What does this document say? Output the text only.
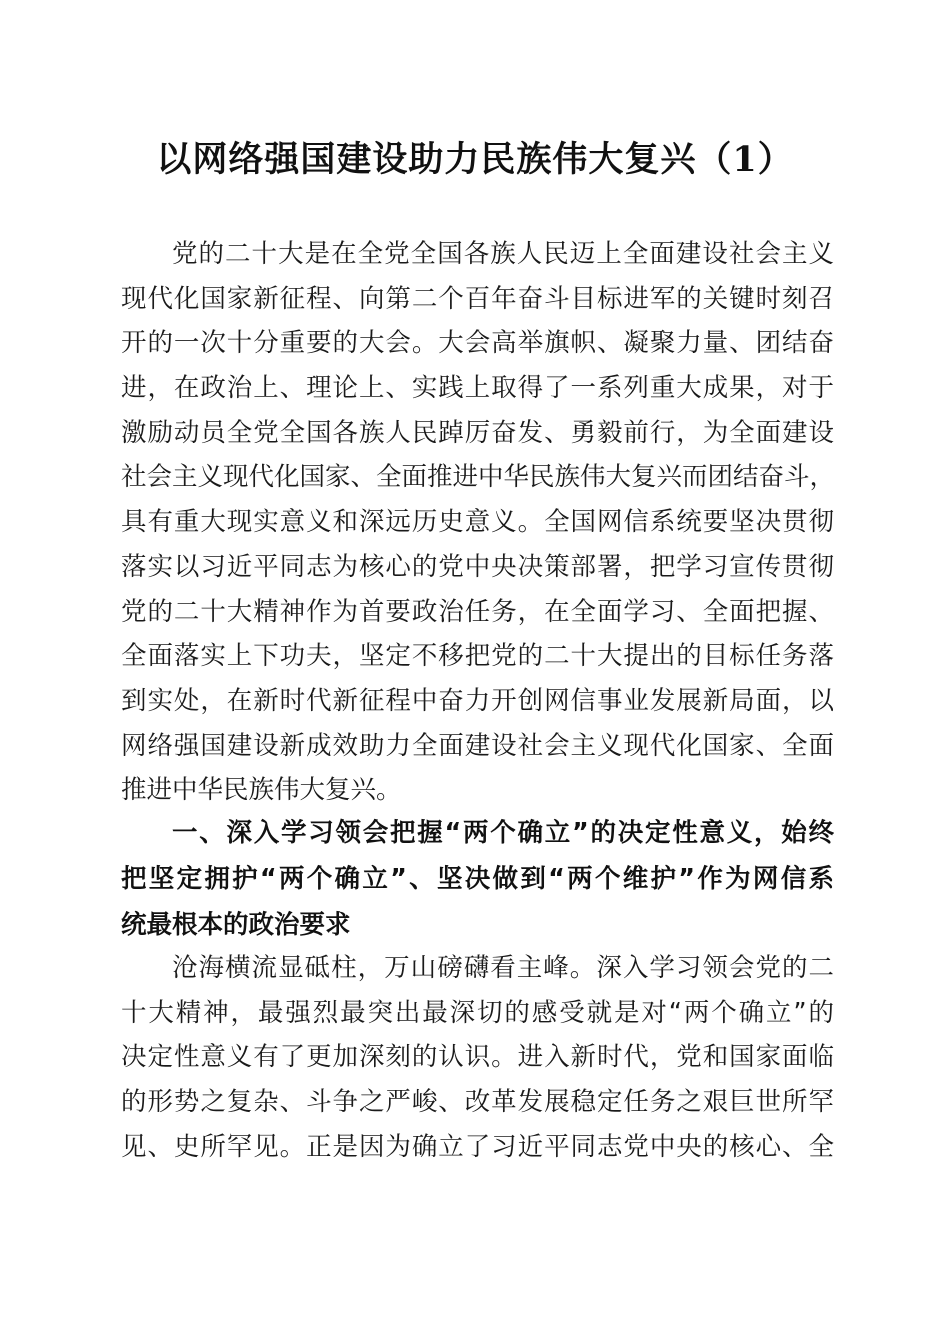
以网络强国建设助力民族伟大复兴（1）
党的二十大是在全党全国各族人民迈上全面建设社会主义
现代化国家新征程、向第二个百年奋斗目标进军的关键时刻召
开的一次十分重要的大会。大会高举旗帜、凝聚力量、团结奋
进，在政治上、理论上、实践上取得了一系列重大成果，对于
激励动员全党全国各族人民踔厉奋发、勇毅前行，为全面建设
社会主义现代化国家、全面推进中华民族伟大复兴而团结奋斗，
具有重大现实意义和深远历史意义。全国网信系统要坚决贯彻
落实以习近平同志为核心的党中央决策部署，把学习宣传贯彻
党的二十大精神作为首要政治任务，在全面学习、全面把握、
全面落实上下功夫，坚定不移把党的二十大提出的目标任务落
到实处，在新时代新征程中奋力开创网信事业发展新局面，以
网络强国建设新成效助力全面建设社会主义现代化国家、全面
推进中华民族伟大复兴。
一、深入学习领会把握“两个确立”的决定性意义，始终
把坚定拥护“两个确立”、坚决做到“两个维护”作为网信系
统最根本的政治要求
沧海横流显砥柱，万山磅礴看主峰。深入学习领会党的二
十大精神，最强烈最突出最深切的感受就是对“两个确立”的
决定性意义有了更加深刻的认识。进入新时代，党和国家面临
的形势之复杂、斗争之严峻、改革发展稳定任务之艰巨世所罕
见、史所罕见。正是因为确立了习近平同志党中央的核心、全
